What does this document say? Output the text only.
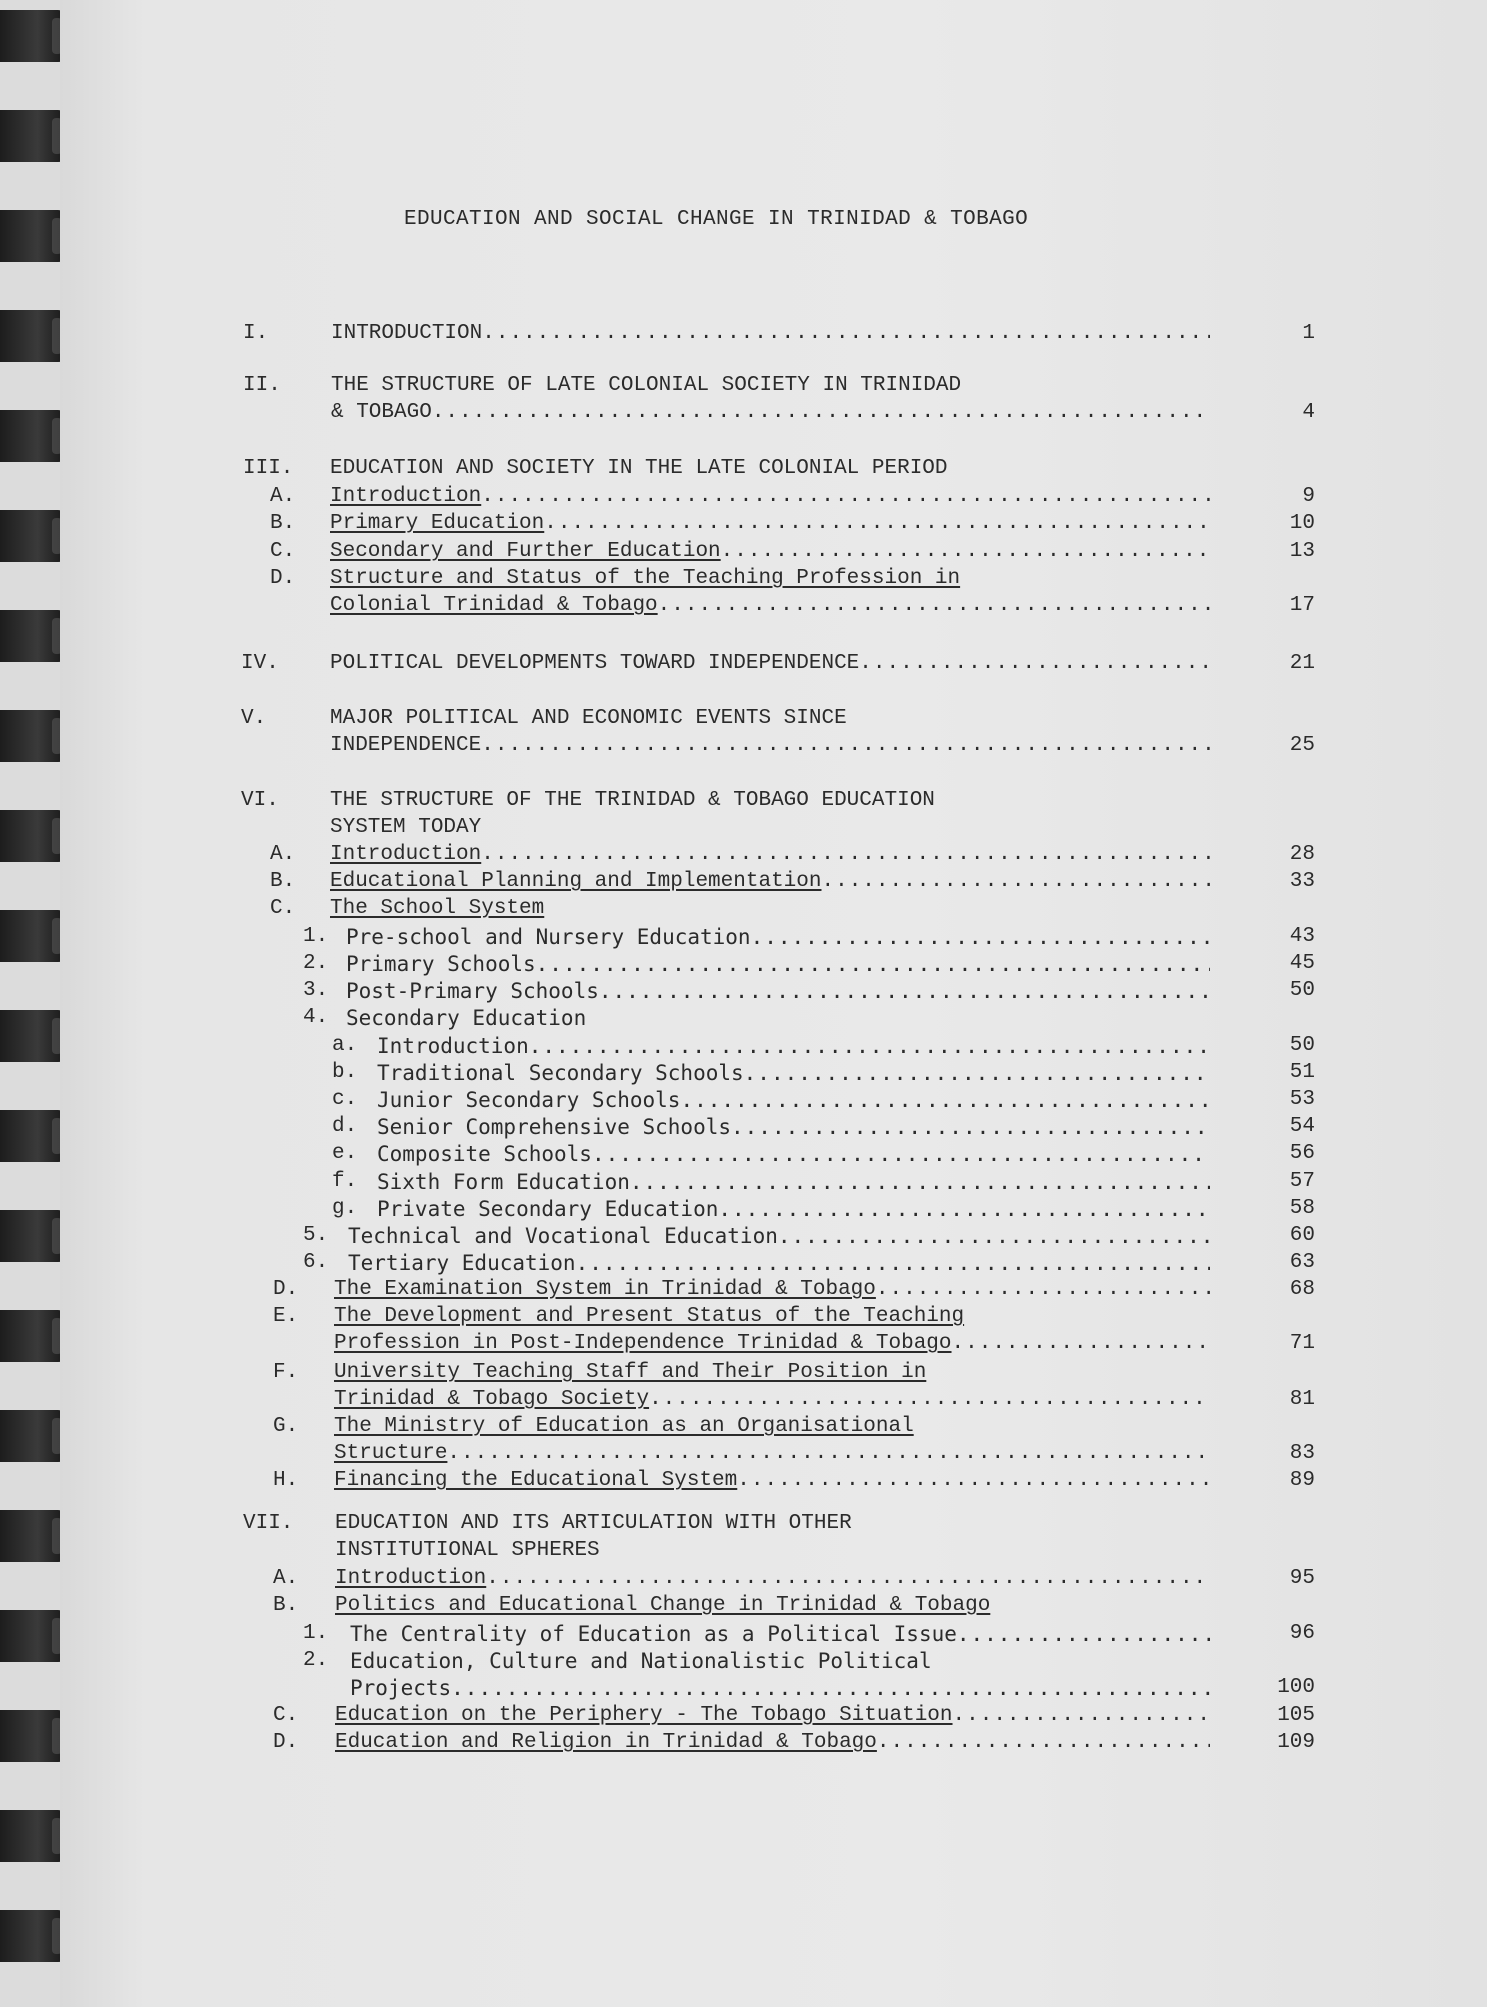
EDUCATION AND SOCIAL CHANGE IN TRINIDAD & TOBAGO
I.	INTRODUCTION .....	1
II. THE STRUCTURE OF LATE COLONIAL SOCIETY IN TRINIDAD
& TOBAGO .....	4
III. EDUCATION AND SOCIETY IN THE LATE COLONIAL PERIOD
A. Introduction .....	9
B. Primary Education .....	10
C. Secondary and Further Education .....	13
D. Structure and Status of the Teaching Profession in
Colonial Trinidad & Tobago .....	17
IV. POLITICAL DEVELOPMENTS TOWARD INDEPENDENCE .....	21
V.	MAJOR POLITICAL AND ECONOMIC EVENTS SINCE
INDEPENDENCE .....	25
VI. THE STRUCTURE OF THE TRINIDAD & TOBAGO EDUCATION
SYSTEM TODAY
A. Introduction .....	28
B. Educational Planning and Implementation .....	33
C. The School System
1. Pre-school and Nursery Education .....	43
2. Primary Schools .....	45
3. Post-Primary Schools .....	50
4. Secondary Education
a. Introduction .....	50
b. Traditional Secondary Schools .....	51
c. Junior Secondary Schools .....	53
d. Senior Comprehensive Schools .....	54
e. Composite Schools .....	56
f. Sixth Form Education .....	57
g. Private Secondary Education .....	58
5. Technical and Vocational Education .....	60
6. Tertiary Education .....	63
D. The Examination System in Trinidad & Tobago .....	68
E. The Development and Present Status of the Teaching
Profession in Post-Independence Trinidad & Tobago .....	71
F. University Teaching Staff and Their Position in
Trinidad & Tobago Society .....	81
G. The Ministry of Education as an Organisational
Structure .....	83
H. Financing the Educational System .....	89
VII. EDUCATION AND ITS ARTICULATION WITH OTHER
INSTITUTIONAL SPHERES
A. Introduction .....	95
B. Politics and Educational Change in Trinidad & Tobago
1. The Centrality of Education as a Political Issue .....	96
2. Education, Culture and Nationalistic Political
Projects .....	100
C. Education on the Periphery - The Tobago Situation .....	105
D. Education and Religion in Trinidad & Tobago .....	109
